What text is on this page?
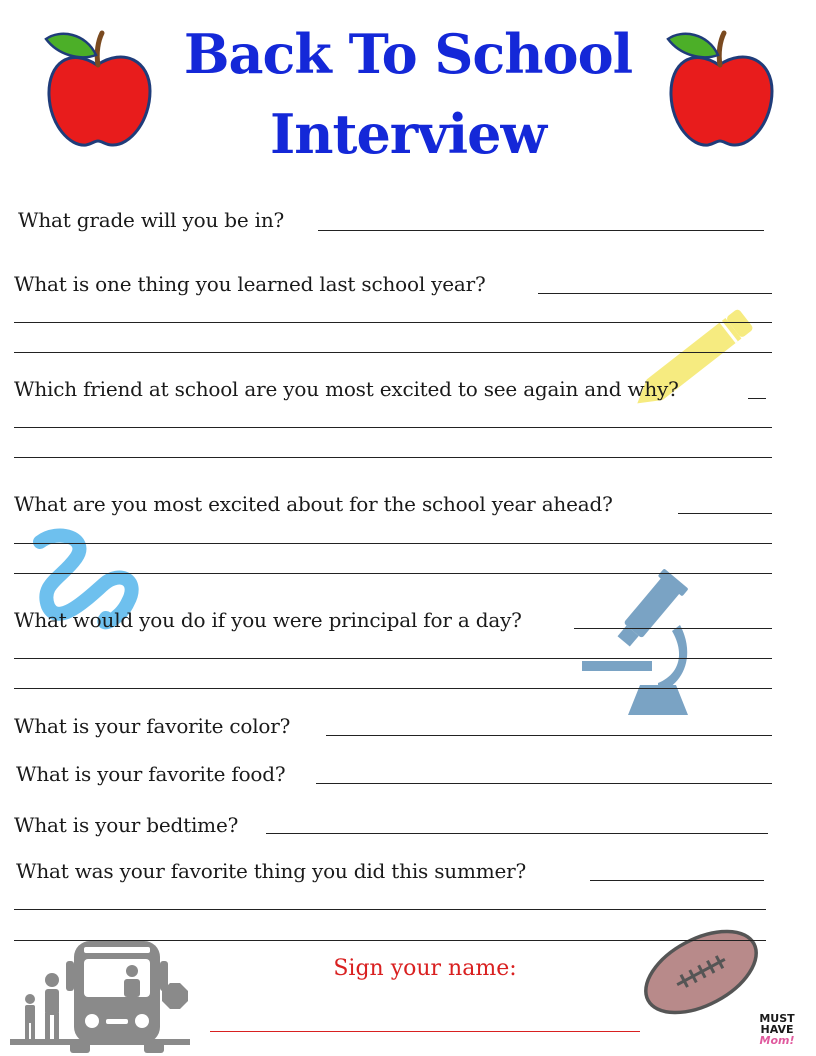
Back To School
Interview
What grade will you be in?
What is one thing you learned last school year?
Which friend at school are you most excited to see again and why?
What are you most excited about for the school year ahead?
What would you do if you were principal for a day?
What is your favorite color?
What is your favorite food?
What is your bedtime?
What was your favorite thing you did this summer?
Sign your name:
MUST
HAVE
Mom!
